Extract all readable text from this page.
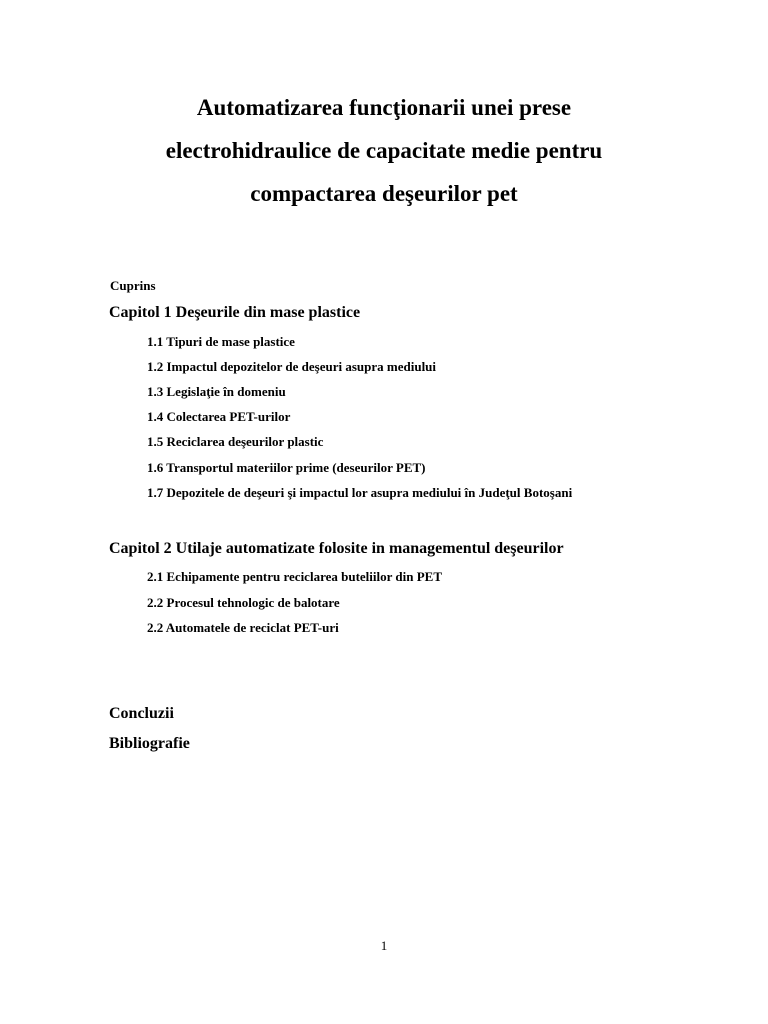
Automatizarea funcţionarii unei prese
electrohidraulice de capacitate medie pentru
compactarea deşeurilor pet
Cuprins
Capitol 1 Deşeurile din mase plastice
1.1 Tipuri de mase plastice
1.2 Impactul depozitelor de deşeuri asupra mediului
1.3 Legislaţie în domeniu
1.4 Colectarea PET-urilor
1.5 Reciclarea deşeurilor plastic
1.6 Transportul materiilor prime (deseurilor PET)
1.7 Depozitele de deşeuri şi impactul lor asupra mediului în Judeţul Botoşani
Capitol 2 Utilaje automatizate folosite in managementul deşeurilor
2.1 Echipamente pentru reciclarea buteliilor din PET
2.2 Procesul tehnologic de balotare
2.2 Automatele de reciclat PET-uri
Concluzii
Bibliografie
1
